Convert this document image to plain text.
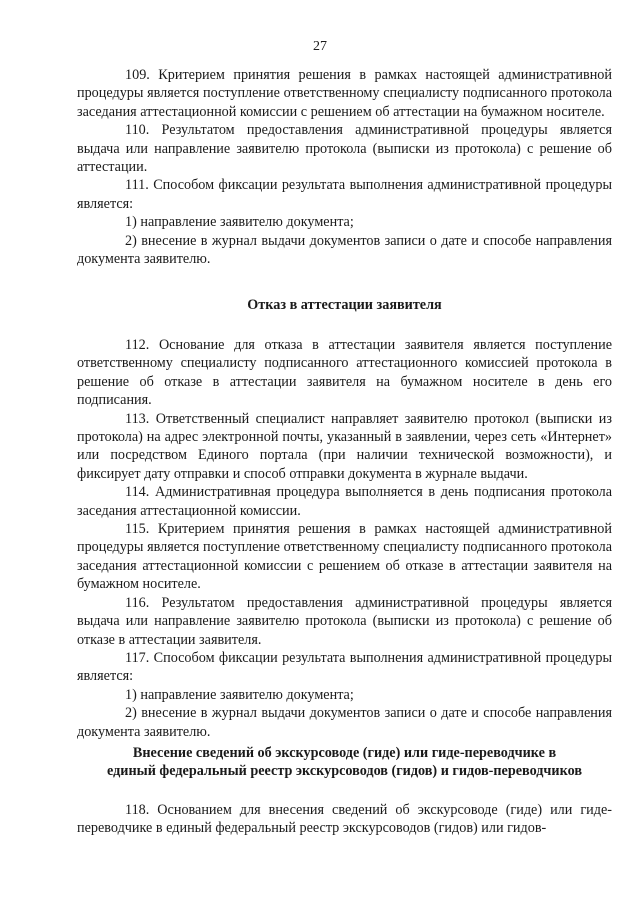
27

109. Критерием принятия решения в рамках настоящей административной процедуры является поступление ответственному специалисту подписанного протокола заседания аттестационной комиссии с решением об аттестации на бумажном носителе.

110. Результатом предоставления административной процедуры является выдача или направление заявителю протокола (выписки из протокола) с решение об аттестации.

111. Способом фиксации результата выполнения административной процедуры является:

1) направление заявителю документа;

2) внесение в журнал выдачи документов записи о дате и способе направления документа заявителю.

Отказ в аттестации заявителя

112. Основание для отказа в аттестации заявителя является поступление ответственному специалисту подписанного аттестационного комиссией протокола в решение об отказе в аттестации заявителя на бумажном носителе в день его подписания.

113. Ответственный специалист направляет заявителю протокол (выписки из протокола) на адрес электронной почты, указанный в заявлении, через сеть «Интернет» или посредством Единого портала (при наличии технической возможности), и фиксирует дату отправки и способ отправки документа в журнале выдачи.

114. Административная процедура выполняется в день подписания протокола заседания аттестационной комиссии.

115. Критерием принятия решения в рамках настоящей административной процедуры является поступление ответственному специалисту подписанного протокола заседания аттестационной комиссии с решением об отказе в аттестации заявителя на бумажном носителе.

116. Результатом предоставления административной процедуры является выдача или направление заявителю протокола (выписки из протокола) с решение об отказе в аттестации заявителя.

117. Способом фиксации результата выполнения административной процедуры является:

1) направление заявителю документа;

2) внесение в журнал выдачи документов записи о дате и способе направления документа заявителю.

Внесение сведений об экскурсоводе (гиде) или гиде-переводчике в
единый федеральный реестр экскурсоводов (гидов) и гидов-переводчиков

118. Основанием для внесения сведений об экскурсоводе (гиде) или гиде-переводчике в единый федеральный реестр экскурсоводов (гидов) или гидов-
